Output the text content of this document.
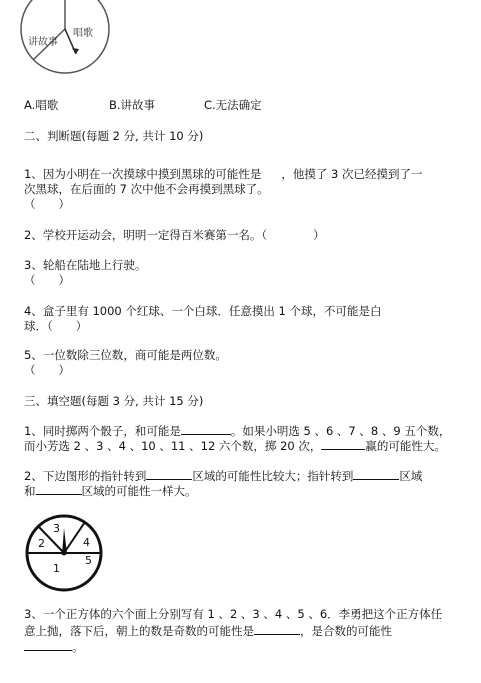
讲故事
唱歌
A.唱歌	B.讲故事	C.无法确定
二、判断题(每题 2 分, 共计 10 分)
1、因为小明在一次摸球中摸到黑球的可能性是 ，他摸了 3 次已经摸到了一
次黑球，在后面的 7 次中他不会再摸到黑球了。
（　　）
2、学校开运动会，明明一定得百米赛第一名。（　　　　）
3、轮船在陆地上行驶。
（　　）
4、盒子里有 1000 个红球、一个白球．任意摸出 1 个球，不可能是白
球．（　　）
5、一位数除三位数，商可能是两位数。
（　　）
三、填空题(每题 3 分, 共计 15 分)
1、同时掷两个骰子，和可能是	。如果小明选 5 、6 、7 、8 、9 五个数，
而小芳选 2 、3 、4 、10 、11 、12 六个数，掷 20 次，	赢的可能性大。
2、下边图形的指针转到	区域的可能性比较大；指针转到	区域
和	区域的可能性一样大。
3
2	4
5
1
3、一个正方体的六个面上分别写有 1 、2 、3 、4 、5 、6．李勇把这个正方体任
意上抛，落下后，朝上的数是奇数的可能性是	，是合数的可能性
。
